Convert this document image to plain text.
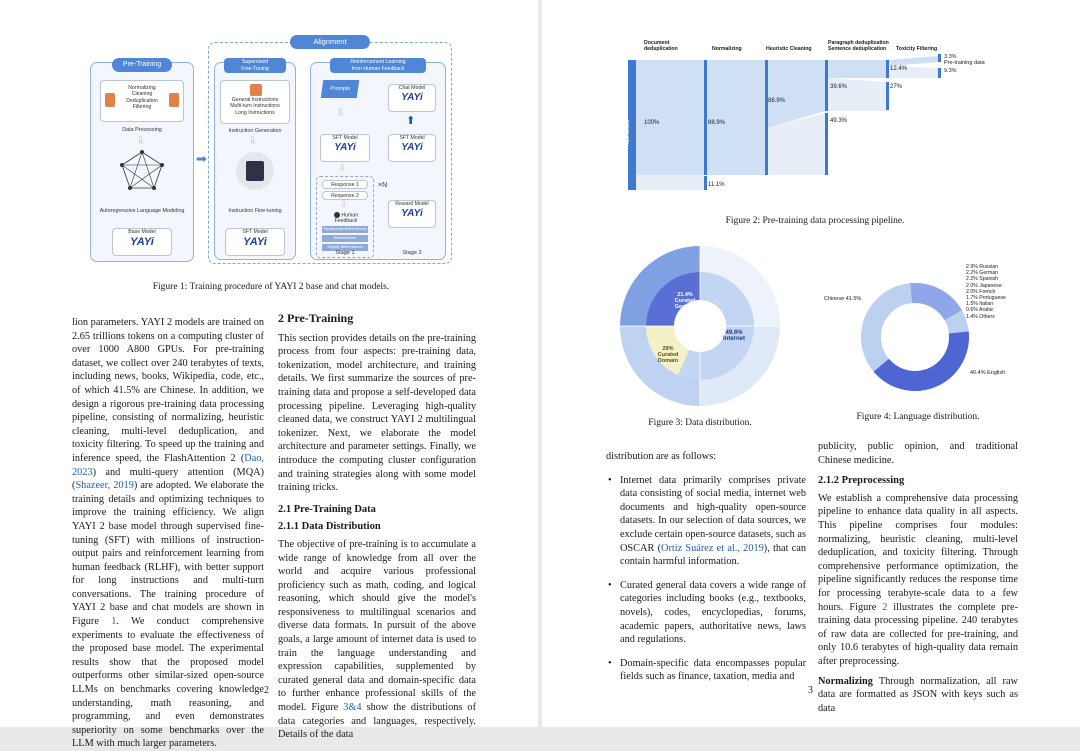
Pre-Training
Normalizing
Cleaning
Deduplication
Filtering
Data Processing
⇩
Autoregressive Language Modeling
Base Model
YAYi
➡
Alignment
Supervised
Fine-Tuning
General Instructions
Multi-turn Instructions
Long Instructions
Instruction Generation
⇩
Instruction Fine-tuning
SFT Model
YAYi
Reinforcement Learning
from Human Feedback
Prompts	Chat Model
YAYi
⬆
⇩
SFT Model
YAYi
SFT Model
YAYi
⇩
Response 1
Response 2
⇩
Human Feedback
Significantly Better/Worse
Better/Worse
Slightly Better/Worse
×N
Reward Model
YAYi
Stage 1	Stage 2
Figure 1: Training procedure of YAYI 2 base and chat models.

lion parameters. YAYI 2 models are trained on 2.65 trillions tokens on a computing cluster of over 1000 A800 GPUs. For pre-training dataset, we collect over 240 terabytes of texts, including news, books, Wikipedia, code, etc., of which 41.5% are Chinese. In addition, we design a rigorous pre-training data processing pipeline, consisting of normalizing, heuristic cleaning, multi-level deduplication, and toxicity filtering. To speed up the training and inference speed, the FlashAttention 2 (Dao, 2023) and multi-query attention (MQA) (Shazeer, 2019) are adopted. We elaborate the training details and optimizing techniques to improve the training efficiency. We align YAYI 2 base model through supervised fine-tuning (SFT) with millions of instruction-output pairs and reinforcement learning from human feedback (RLHF), with better support for long instructions and multi-turn conversations. The training procedure of YAYI 2 base and chat models are shown in Figure 1. We conduct comprehensive experiments to evaluate the effectiveness of the proposed base model. The experimental results show that the proposed model outperforms other similar-sized open-source LLMs on benchmarks covering knowledge understanding, math reasoning, and programming, and even demonstrates superiority on some benchmarks over the LLM with much larger parameters.

2 Pre-Training

This section provides details on the pre-training process from four aspects: pre-training data, tokenization, model architecture, and training details. We first summarize the sources of pre-training data and propose a self-developed data processing pipeline. Leveraging high-quality cleaned data, we construct YAYI 2 multilingual tokenizer. Next, we elaborate the model architecture and parameter settings. Finally, we introduce the computing cluster configuration and training strategies along with some model training tricks.

2.1 Pre-Training Data
2.1.1 Data Distribution

The objective of pre-training is to accumulate a wide range of knowledge from all over the world and acquire various professional proficiency such as math, coding, and logical reasoning, which should give the model's responsiveness to multilingual scenarios and diverse data formats. In pursuit of the above goals, a large amount of internet data is used to train the language understanding and expression capabilities, supplemented by curated general data and domain-specific data to further enhance professional skills of the model. Figure 3&4 show the distributions of data categories and languages, respectively. Details of the data

2
Document deduplication	Normalizing	Heuristic Cleaning
Paragraph deduplication Sentence deduplication	Toxicity Filtering
Raw corpus	100%	88.9%
11.1%
88.9%
39.6%
49.3%
12.4%
27%
3.3%
Pre-training data
9.3%
Figure 2: Pre-training data processing pipeline.
21.4% Curated General
49.6% Internet
29% Curated Domain
Figure 3: Data distribution.
2.9% Russian
2.2% German
2.2% Spanish
2.0% Japanese
2.0% French
1.7% Portuguese
1.5% Italian
0.6% Arabic
1.4% Others
Chinese 41.5%
40.4% English
Figure 4: Language distribution.

distribution are as follows:

• Internet data primarily comprises private data consisting of social media, internet web documents and high-quality open-source datasets. In our selection of data sources, we exclude certain open-source datasets, such as OSCAR (Ortiz Suárez et al., 2019), that can contain harmful information.
• Curated general data covers a wide range of categories including books (e.g., textbooks, novels), codes, encyclopedias, forums, academic papers, authoritative news, laws and regulations.
• Domain-specific data encompasses popular fields such as finance, taxation, media and

publicity, public opinion, and traditional Chinese medicine.

2.1.2 Preprocessing

We establish a comprehensive data processing pipeline to enhance data quality in all aspects. This pipeline comprises four modules: normalizing, heuristic cleaning, multi-level deduplication, and toxicity filtering. Through comprehensive performance optimization, the pipeline significantly reduces the response time for processing terabyte-scale data to a few hours. Figure 2 illustrates the complete pre-training data processing pipeline. 240 terabytes of raw data are collected for pre-training, and only 10.6 terabytes of high-quality data remain after preprocessing.

Normalizing Through normalization, all raw data are formatted as JSON with keys such as data

3
